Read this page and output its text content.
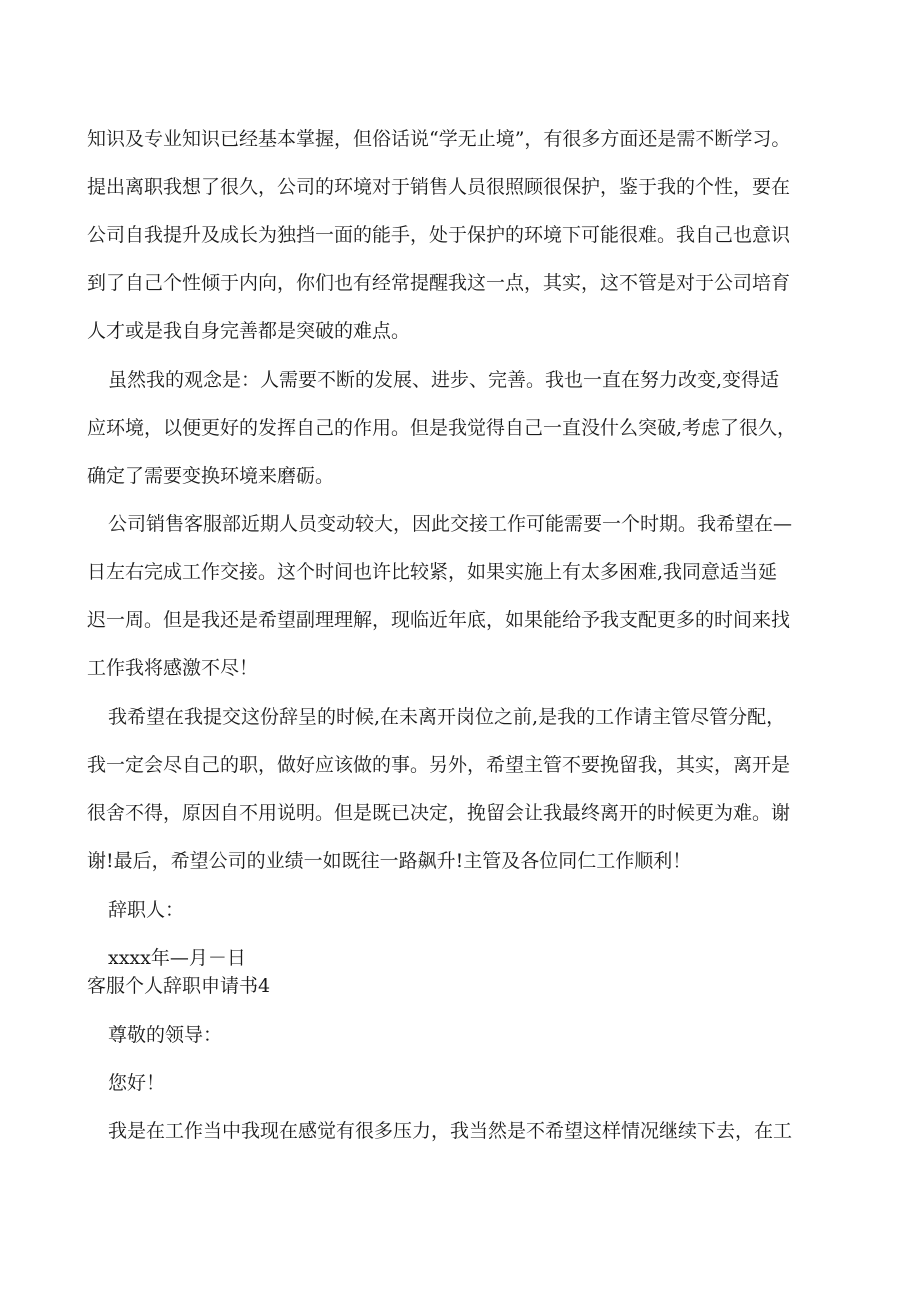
知识及专业知识已经基本掌握，但俗话说“学无止境”，有很多方面还是需不断学习。
提出离职我想了很久，公司的环境对于销售人员很照顾很保护，鉴于我的个性，要在
公司自我提升及成长为独挡一面的能手，处于保护的环境下可能很难。我自己也意识
到了自己个性倾于内向，你们也有经常提醒我这一点，其实，这不管是对于公司培育
人才或是我自身完善都是突破的难点。
虽然我的观念是：人需要不断的发展、进步、完善。我也一直在努力改变,变得适
应环境，以便更好的发挥自己的作用。但是我觉得自己一直没什么突破,考虑了很久，
确定了需要变换环境来磨砺。
公司销售客服部近期人员变动较大，因此交接工作可能需要一个时期。我希望在—
日左右完成工作交接。这个时间也许比较紧，如果实施上有太多困难,我同意适当延
迟一周。但是我还是希望副理理解，现临近年底，如果能给予我支配更多的时间来找
工作我将感激不尽！
我希望在我提交这份辞呈的时候,在未离开岗位之前,是我的工作请主管尽管分配，
我一定会尽自己的职，做好应该做的事。另外，希望主管不要挽留我，其实，离开是
很舍不得，原因自不用说明。但是既已决定，挽留会让我最终离开的时候更为难。谢
谢!最后，希望公司的业绩一如既往一路飙升!主管及各位同仁工作顺利！
辞职人：
xxxx年—月－日
客服个人辞职申请书4
尊敬的领导：
您好！
我是在工作当中我现在感觉有很多压力，我当然是不希望这样情况继续下去，在工
